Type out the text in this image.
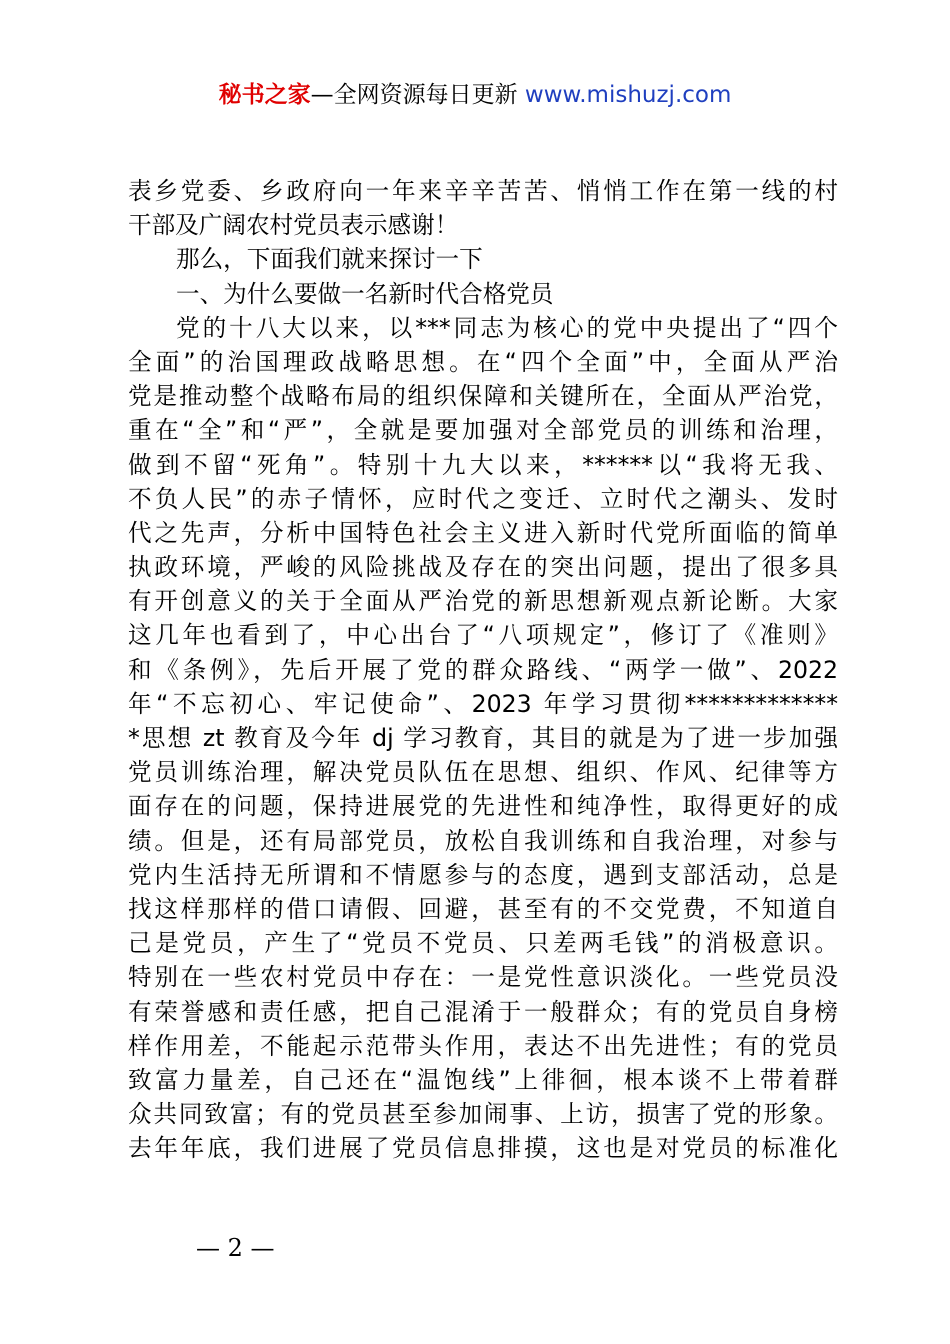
秘书之家—全网资源每日更新 www.mishuzj.com
表乡党委、乡政府向一年来辛辛苦苦、悄悄工作在第一线的村
干部及广阔农村党员表示感谢！
那么，下面我们就来探讨一下
一、为什么要做一名新时代合格党员
党的十八大以来，以***同志为核心的党中央提出了“四个
全面”的治国理政战略思想。在“四个全面”中，全面从严治
党是推动整个战略布局的组织保障和关键所在，全面从严治党，
重在“全”和“严”，全就是要加强对全部党员的训练和治理，
做到不留“死角”。特别十九大以来，******以“我将无我、
不负人民”的赤子情怀，应时代之变迁、立时代之潮头、发时
代之先声，分析中国特色社会主义进入新时代党所面临的简单
执政环境，严峻的风险挑战及存在的突出问题，提出了很多具
有开创意义的关于全面从严治党的新思想新观点新论断。大家
这几年也看到了，中心出台了“八项规定”，修订了《准则》
和《条例》，先后开展了党的群众路线、“两学一做”、2022
年“不忘初心、牢记使命”、2023 年学习贯彻*************
*思想 zt 教育及今年 dj 学习教育，其目的就是为了进一步加强
党员训练治理，解决党员队伍在思想、组织、作风、纪律等方
面存在的问题，保持进展党的先进性和纯净性，取得更好的成
绩。但是，还有局部党员，放松自我训练和自我治理，对参与
党内生活持无所谓和不情愿参与的态度，遇到支部活动，总是
找这样那样的借口请假、回避，甚至有的不交党费，不知道自
己是党员，产生了“党员不党员、只差两毛钱”的消极意识。
特别在一些农村党员中存在：一是党性意识淡化。一些党员没
有荣誉感和责任感，把自己混淆于一般群众；有的党员自身榜
样作用差，不能起示范带头作用，表达不出先进性；有的党员
致富力量差，自己还在“温饱线”上徘徊，根本谈不上带着群
众共同致富；有的党员甚至参加闹事、上访，损害了党的形象。
去年年底，我们进展了党员信息排摸，这也是对党员的标准化
— 2 —
